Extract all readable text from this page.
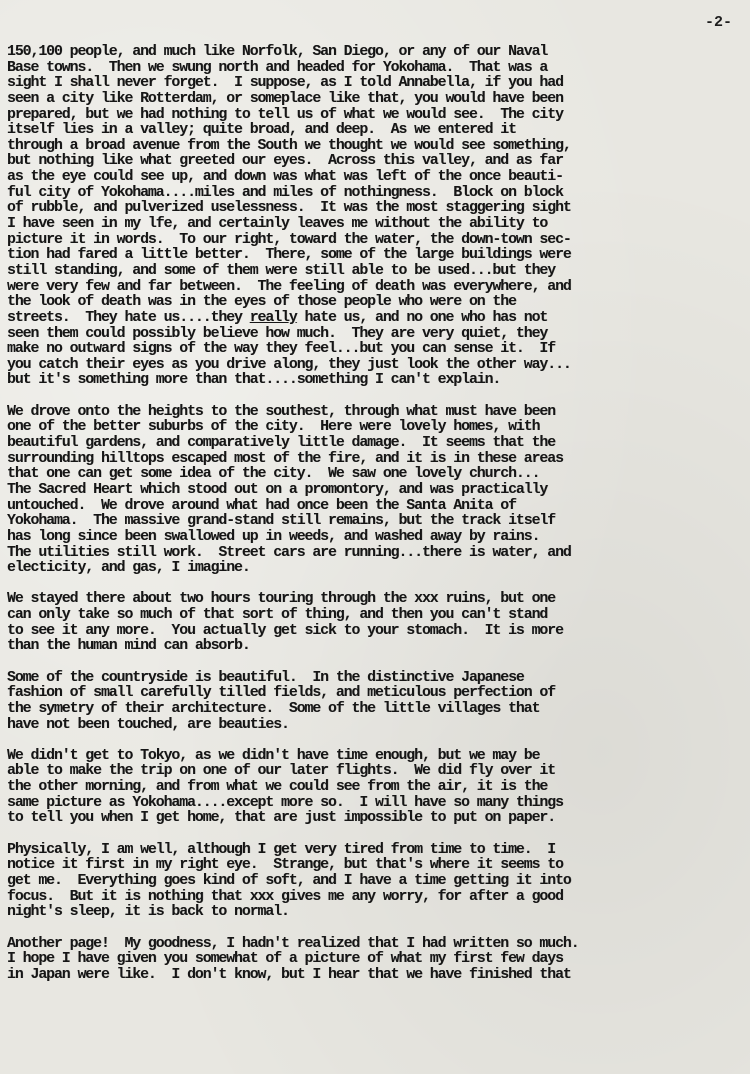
-2-
150,100 people, and much like Norfolk, San Diego, or any of our Naval
Base towns.  Then we swung north and headed for Yokohama.  That was a
sight I shall never forget.  I suppose, as I told Annabella, if you had
seen a city like Rotterdam, or someplace like that, you would have been
prepared, but we had nothing to tell us of what we would see.  The city
itself lies in a valley; quite broad, and deep.  As we entered it
through a broad avenue from the South we thought we would see something,
but nothing like what greeted our eyes.  Across this valley, and as far
as the eye could see up, and down was what was left of the once beauti-
ful city of Yokohama....miles and miles of nothingness.  Block on block
of rubble, and pulverized uselessness.  It was the most staggering sight
I have seen in my lfe, and certainly leaves me without the ability to
picture it in words.  To our right, toward the water, the down-town sec-
tion had fared a little better.  There, some of the large buildings were
still standing, and some of them were still able to be used...but they
were very few and far between.  The feeling of death was everywhere, and
the look of death was in the eyes of those people who were on the
streets.  They hate us....they really hate us, and no one who has not
seen them could possibly believe how much.  They are very quiet, they
make no outward signs of the way they feel...but you can sense it.  If
you catch their eyes as you drive along, they just look the other way...
but it's something more than that....something I can't explain.
We drove onto the heights to the southest, through what must have been
one of the better suburbs of the city.  Here were lovely homes, with
beautiful gardens, and comparatively little damage.  It seems that the
surrounding hilltops escaped most of the fire, and it is in these areas
that one can get some idea of the city.  We saw one lovely church...
The Sacred Heart which stood out on a promontory, and was practically
untouched.  We drove around what had once been the Santa Anita of
Yokohama.  The massive grand-stand still remains, but the track itself
has long since been swallowed up in weeds, and washed away by rains.
The utilities still work.  Street cars are running...there is water, and
electicity, and gas, I imagine.
We stayed there about two hours touring through the xxx ruins, but one
can only take so much of that sort of thing, and then you can't stand
to see it any more.  You actually get sick to your stomach.  It is more
than the human mind can absorb.
Some of the countryside is beautiful.  In the distinctive Japanese
fashion of small carefully tilled fields, and meticulous perfection of
the symetry of their architecture.  Some of the little villages that
have not been touched, are beauties.
We didn't get to Tokyo, as we didn't have time enough, but we may be
able to make the trip on one of our later flights.  We did fly over it
the other morning, and from what we could see from the air, it is the
same picture as Yokohama....except more so.  I will have so many things
to tell you when I get home, that are just impossible to put on paper.
Physically, I am well, although I get very tired from time to time.  I
notice it first in my right eye.  Strange, but that's where it seems to
get me.  Everything goes kind of soft, and I have a time getting it into
focus.  But it is nothing that xxx gives me any worry, for after a good
night's sleep, it is back to normal.
Another page!  My goodness, I hadn't realized that I had written so much.
I hope I have given you somewhat of a picture of what my first few days
in Japan were like.  I don't know, but I hear that we have finished that
